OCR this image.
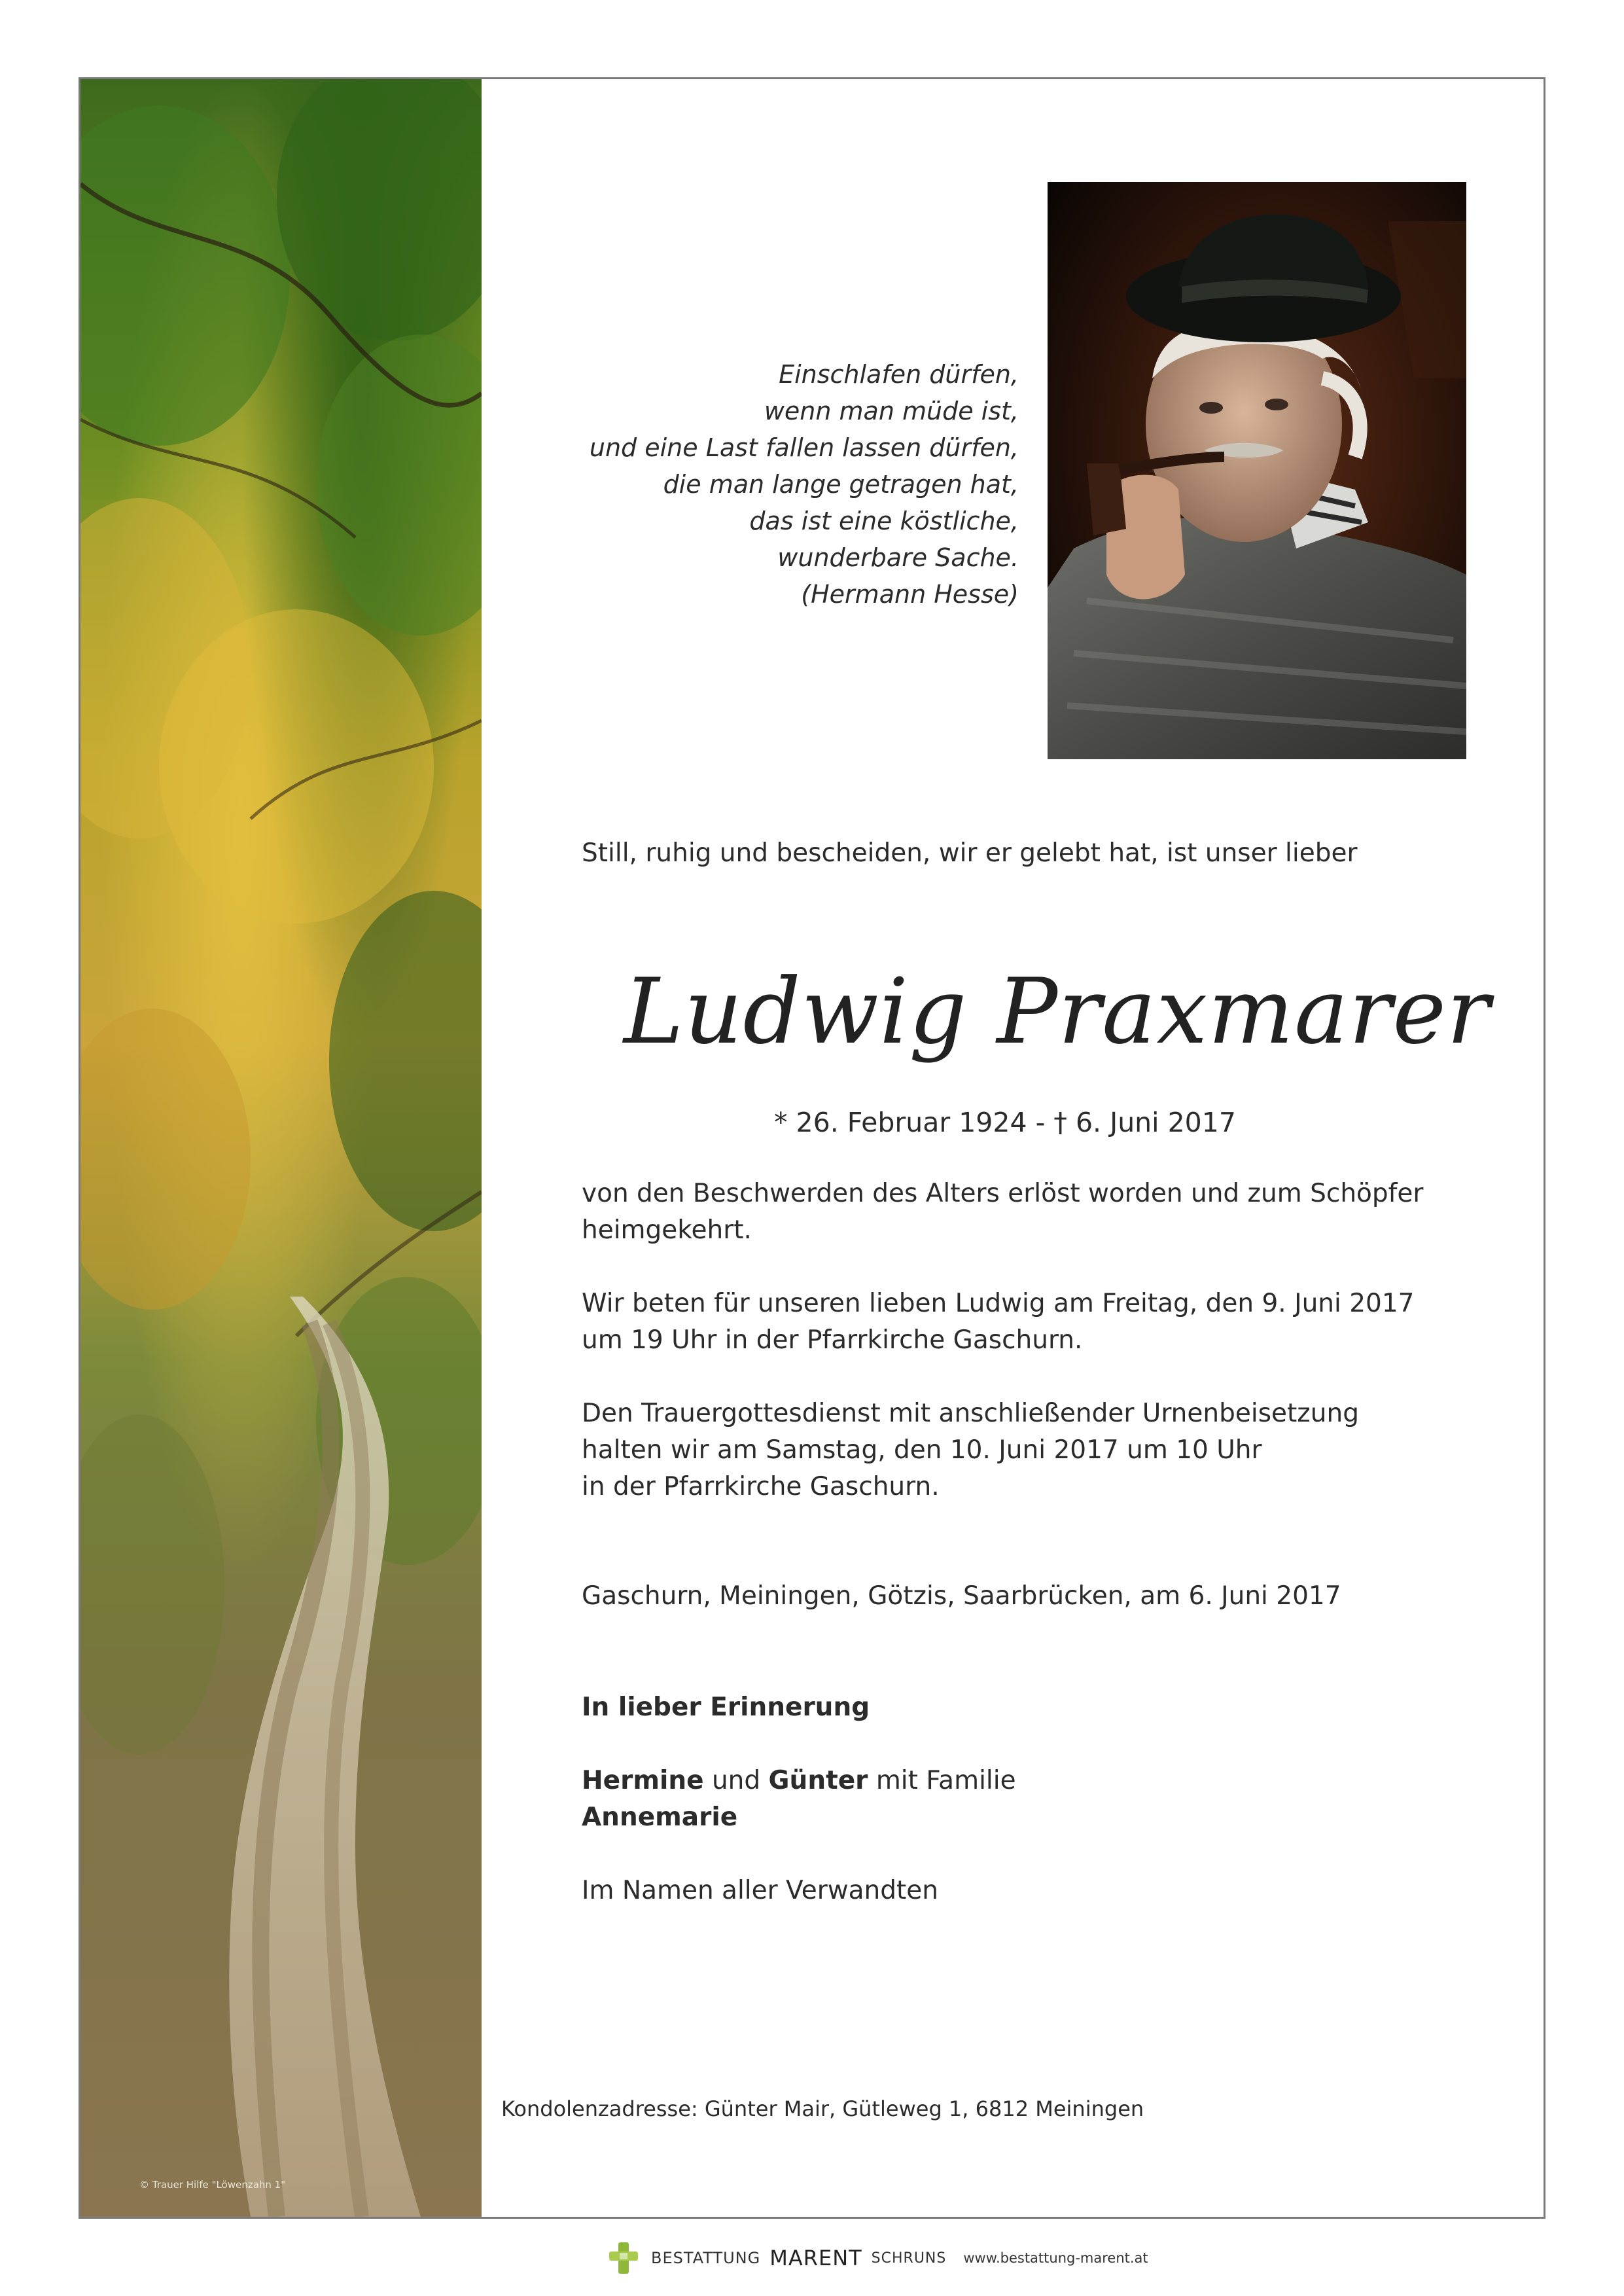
© Trauer Hilfe "Löwenzahn 1"
Einschlafen dürfen,
wenn man müde ist,
und eine Last fallen lassen dürfen,
die man lange getragen hat,
das ist eine köstliche,
wunderbare Sache.
(Hermann Hesse)
Still, ruhig und bescheiden, wir er gelebt hat, ist unser lieber
Ludwig Praxmarer
* 26. Februar 1924 - † 6. Juni 2017
von den Beschwerden des Alters erlöst worden und zum Schöpfer
heimgekehrt.
Wir beten für unseren lieben Ludwig am Freitag, den 9. Juni 2017
um 19 Uhr in der Pfarrkirche Gaschurn.
Den Trauergottesdienst mit anschließender Urnenbeisetzung
halten wir am Samstag, den 10. Juni 2017 um 10 Uhr
in der Pfarrkirche Gaschurn.
Gaschurn, Meiningen, Götzis, Saarbrücken, am 6. Juni 2017
In lieber Erinnerung
Hermine und Günter mit Familie
Annemarie
Im Namen aller Verwandten
Kondolenzadresse: Günter Mair, Gütleweg 1, 6812 Meiningen
BESTATTUNG MARENT SCHRUNS www.bestattung-marent.at
